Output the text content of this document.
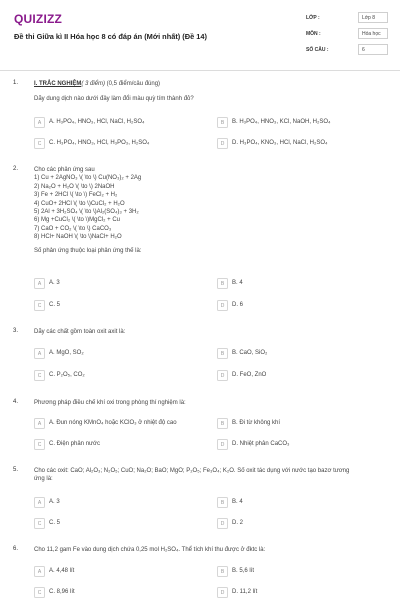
QUIZIZZ
Đề thi Giữa kì II Hóa học 8 có đáp án (Mới nhất) (Đề 14)
LỚP :	Lớp 8
MÔN :	Hóa học
SỐ CÂU :	6
1.	I. TRẮC NGHIỆM( 3 điểm) (0,5 điểm/câu đúng)
Dãy dung dịch nào dưới đây làm đổi màu quỳ tím thành đỏ?
A	A. H₃PO₄, HNO₃, HCl, NaCl, H₂SO₄	B	B. H₃PO₄, HNO₃, KCl, NaOH, H₂SO₄
C	C. H₃PO₄, HNO₃, HCl, H₃PO₃, H₂SO₄	D	D. H₃PO₄, KNO₃, HCl, NaCl, H₂SO₄
2.	Cho các phản ứng sau
1) Cu + 2AgNO₃ \( \to \) Cu(NO₃)₂ + 2Ag
2) Na₂O + H₂O \( \to \) 2NaOH
3) Fe + 2HCl \( \to \) FeCl₂ + H₂
4) CuO+ 2HCl \( \to \)CuCl₂ + H₂O
5) 2Al + 3H₂SO₄ \( \to \)Al₂(SO₄)₃ + 3H₂
6) Mg +CuCl₂ \( \to \)MgCl₂ + Cu
7) CaO + CO₂ \( \to \) CaCO₃
8) HCl+ NaOH \( \to \)NaCl+ H₂O
Số phản ứng thuộc loại phản ứng thế là:
A	A. 3	B	B. 4
C	C. 5	D	D. 6
3.	Dãy các chất gồm toàn oxit axit là:
A	A. MgO, SO₂	B	B. CaO, SiO₂
C	C. P₂O₅, CO₂	D	D. FeO, ZnO
4.	Phương pháp điều chế khí oxi trong phòng thí nghiệm là:
A	A. Đun nóng KMnO₄ hoặc KClO₃ ở nhiệt độ cao	B	B. Đi từ không khí
C	C. Điện phân nước	D	D. Nhiệt phân CaCO₃
5.	Cho các oxit: CaO; Al₂O₃; N₂O₅; CuO; Na₂O; BaO; MgO; P₂O₅; Fe₃O₄; K₂O. Số oxit tác dụng với nước tạo bazơ tương
ứng là:
A	A. 3	B	B. 4
C	C. 5	D	D. 2
6.	Cho 11,2 gam Fe vào dung dịch chứa 0,25 mol H₂SO₄. Thể tích khí thu được ở đktc là:
A	A. 4,48 lít	B	B. 5,6 lít
C	C. 8,96 lít	D	D. 11,2 lít
